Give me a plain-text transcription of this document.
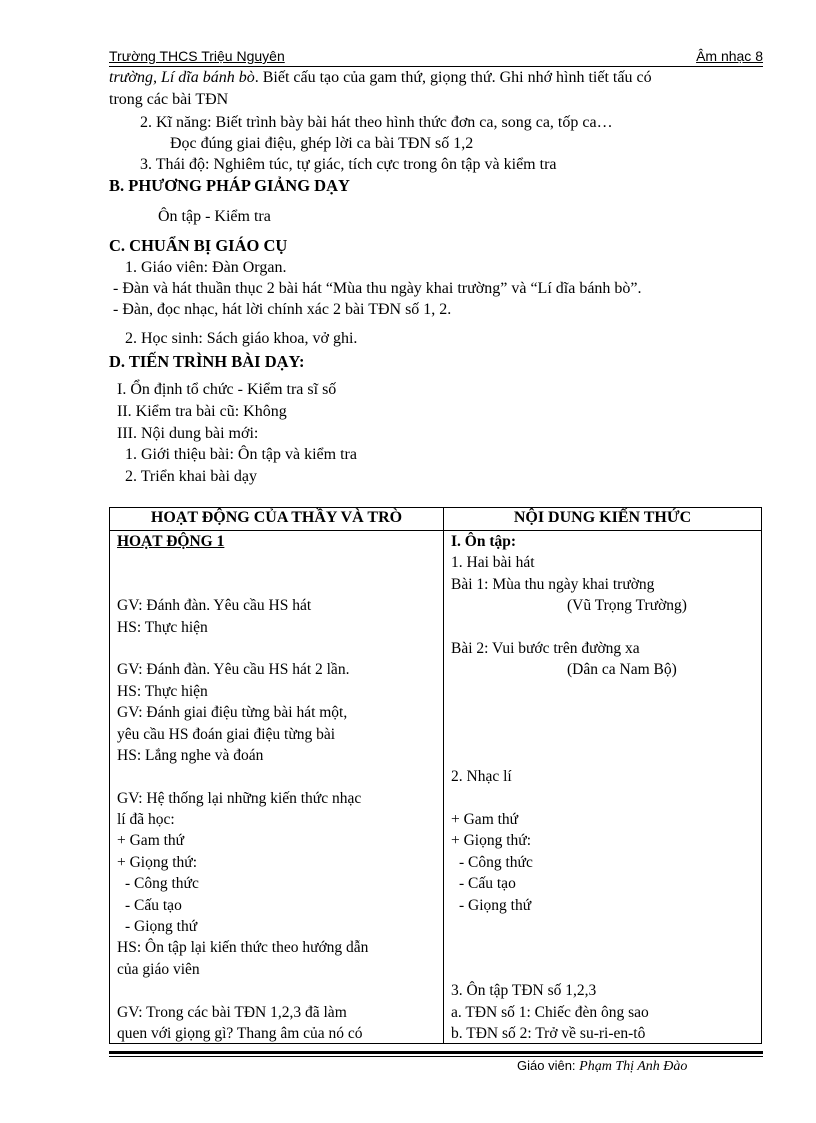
Trường THCS Triệu Nguyên	Âm nhạc 8
trường, Lí dĩa bánh bò. Biết cấu tạo của gam thứ, giọng thứ. Ghi nhớ hình tiết tấu có
trong các bài TĐN
2. Kĩ năng: Biết trình bày bài hát theo hình thức đơn ca, song ca, tốp ca…
Đọc đúng giai điệu, ghép lời ca bài TĐN số 1,2
3. Thái độ: Nghiêm túc, tự giác, tích cực trong ôn tập và kiểm tra
B. PHƯƠNG PHÁP GIẢNG DẠY
Ôn tập - Kiểm tra
C. CHUẨN BỊ GIÁO CỤ
1. Giáo viên: Đàn Organ.
- Đàn và hát thuần thục 2 bài hát “Mùa thu ngày khai trường” và “Lí dĩa bánh bò”.
- Đàn, đọc nhạc, hát lời chính xác 2 bài TĐN số 1, 2.
2. Học sinh: Sách giáo khoa, vở ghi.
D. TIẾN TRÌNH BÀI DẠY:
I. Ổn định tổ chức - Kiểm tra sĩ số
II. Kiểm tra bài cũ: Không
III. Nội dung bài mới:
1. Giới thiệu bài: Ôn tập và kiểm tra
2. Triển khai bài dạy
HOẠT ĐỘNG CỦA THẦY VÀ TRÒ	NỘI DUNG KIẾN THỨC
HOẠT ĐỘNG 1
GV: Đánh đàn. Yêu cầu HS hát
HS: Thực hiện
GV: Đánh đàn. Yêu cầu HS hát 2 lần.
HS: Thực hiện
GV: Đánh giai điệu từng bài hát một,
yêu cầu HS đoán giai điệu từng bài
HS: Lắng nghe và đoán
GV: Hệ thống lại những kiến thức nhạc
lí đã học:
+ Gam thứ
+ Giọng thứ:
- Công thức
- Cấu tạo
- Giọng thứ
HS: Ôn tập lại kiến thức theo hướng dẫn
của giáo viên
GV: Trong các bài TĐN 1,2,3 đã làm
quen với giọng gì? Thang âm của nó có
I. Ôn tập:
1. Hai bài hát
Bài 1: Mùa thu ngày khai trường
(Vũ Trọng Trường)
Bài 2: Vui bước trên đường xa
(Dân ca Nam Bộ)
2. Nhạc lí
+ Gam thứ
+ Giọng thứ:
- Công thức
- Cấu tạo
- Giọng thứ
3. Ôn tập TĐN số 1,2,3
a. TĐN số 1: Chiếc đèn ông sao
b. TĐN số 2: Trở về su-ri-en-tô
Giáo viên: Phạm Thị Anh Đào
